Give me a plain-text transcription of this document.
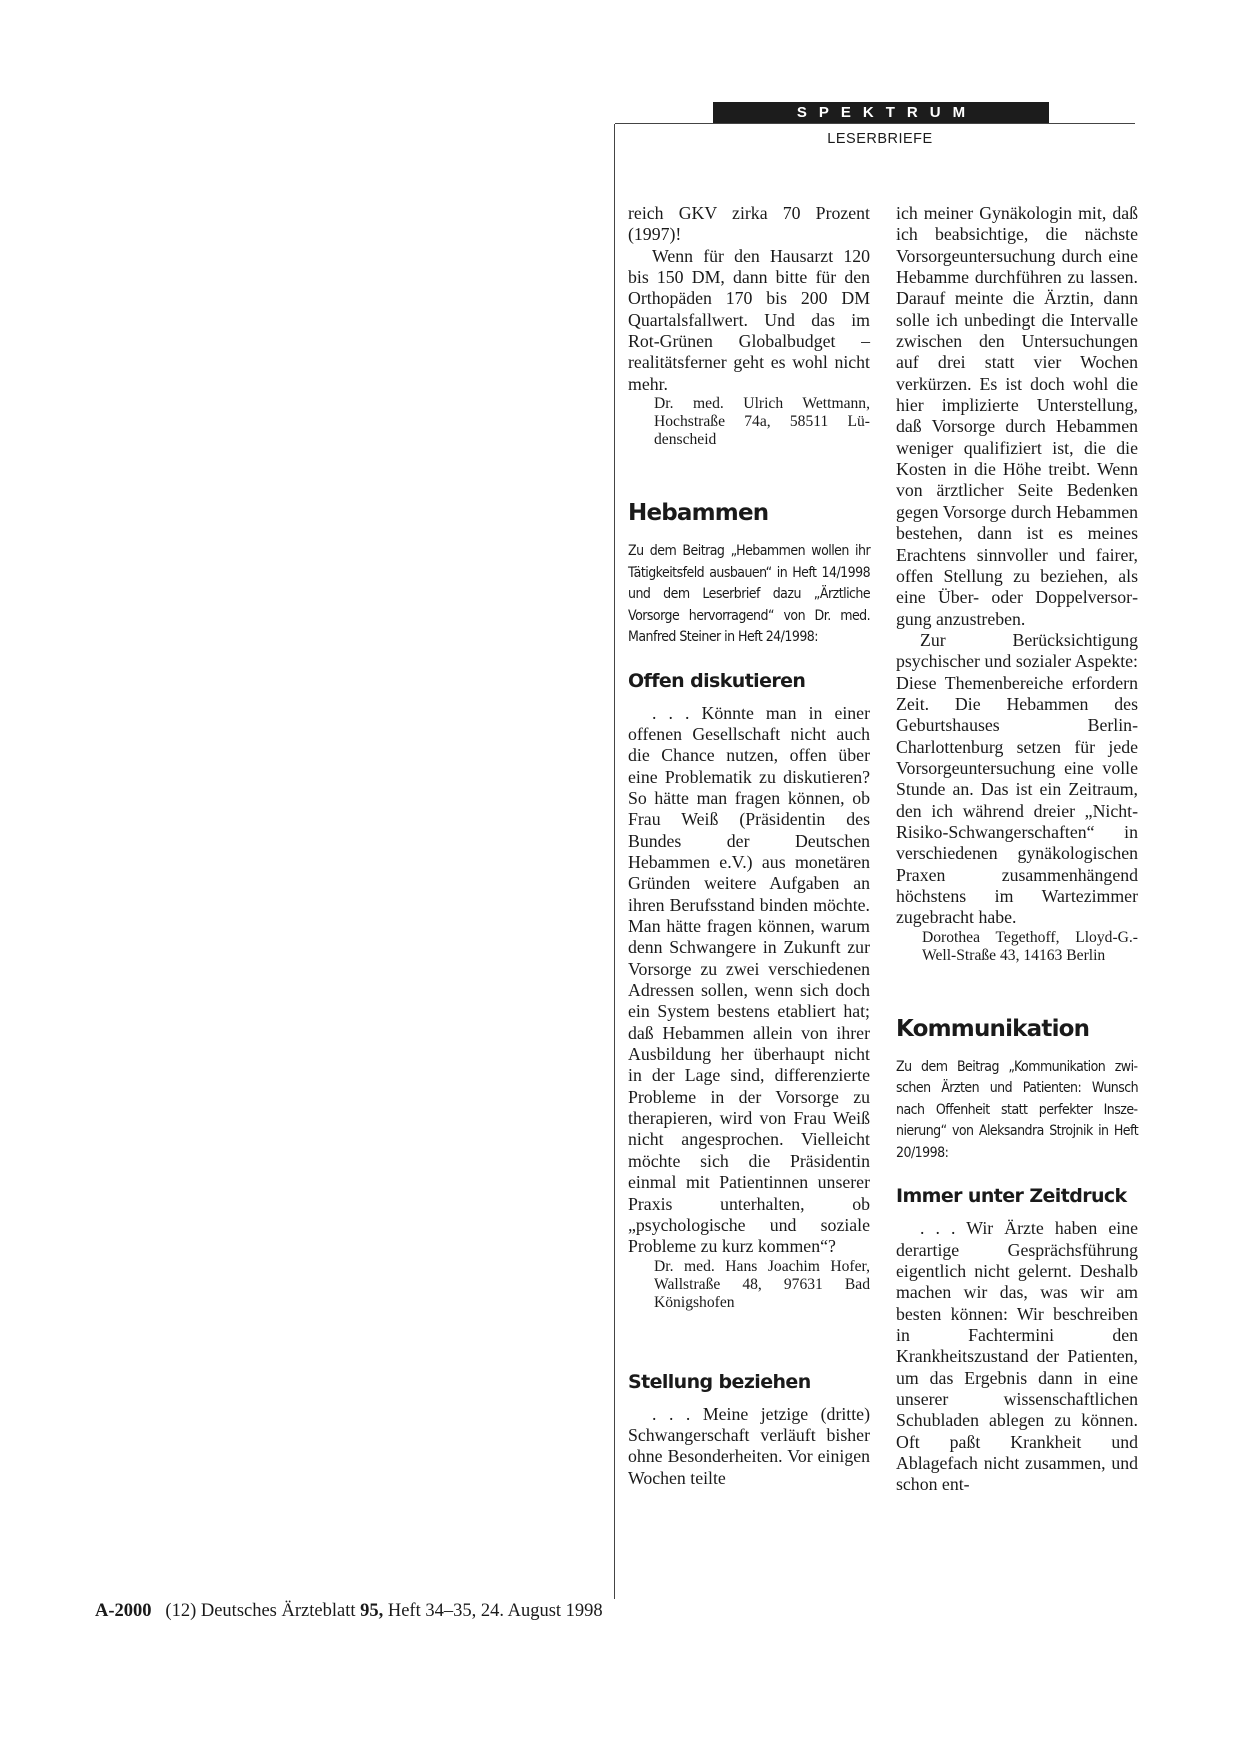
SPEKTRUM
LESERBRIEFE

reich GKV zirka 70 Prozent (1997)!

Wenn für den Hausarzt 120 bis 150 DM, dann bitte für den Orthopäden 170 bis 200 DM Quartalsfallwert. Und das im Rot-Grünen Globalbudget – realitätsferner geht es wohl nicht mehr.

Dr. med. Ulrich Wettmann, Hochstraße 74a, 58511 Lüdenscheid

Hebammen

Zu dem Beitrag „Hebammen wollen ihr Tätigkeitsfeld ausbauen“ in Heft 14/1998 und dem Leserbrief dazu „Ärztliche Vorsorge hervorragend“ von Dr. med. Manfred Steiner in Heft 24/1998:

Offen diskutieren

. . . Könnte man in einer offenen Gesellschaft nicht auch die Chance nutzen, offen über eine Problematik zu diskutieren? So hätte man fragen können, ob Frau Weiß (Präsidentin des Bundes der Deutschen Hebammen e.V.) aus monetären Gründen weitere Aufgaben an ihren Berufsstand binden möchte. Man hätte fragen können, warum denn Schwangere in Zukunft zur Vorsorge zu zwei verschiedenen Adressen sollen, wenn sich doch ein System bestens etabliert hat; daß Hebammen allein von ihrer Ausbildung her überhaupt nicht in der Lage sind, differenzierte Probleme in der Vorsorge zu therapieren, wird von Frau Weiß nicht angesprochen. Vielleicht möchte sich die Präsidentin einmal mit Patientinnen unserer Praxis unterhalten, ob „psychologische und soziale Probleme zu kurz kommen“?

Dr. med. Hans Joachim Hofer, Wallstraße 48, 97631 Bad Königshofen

Stellung beziehen

. . . Meine jetzige (dritte) Schwangerschaft verläuft bisher ohne Besonderheiten. Vor einigen Wochen teilte

ich meiner Gynäkologin mit, daß ich beabsichtige, die nächste Vorsorgeuntersuchung durch eine Hebamme durchführen zu lassen. Darauf meinte die Ärztin, dann solle ich unbedingt die Intervalle zwischen den Untersuchungen auf drei statt vier Wochen verkürzen. Es ist doch wohl die hier implizierte Unterstellung, daß Vorsorge durch Hebammen weniger qualifiziert ist, die die Kosten in die Höhe treibt. Wenn von ärztlicher Seite Bedenken gegen Vorsorge durch Hebammen bestehen, dann ist es meines Erachtens sinnvoller und fairer, offen Stellung zu beziehen, als eine Über- oder Doppelversorgung anzustreben.

Zur Berücksichtigung psychischer und sozialer Aspekte: Diese Themenbereiche erfordern Zeit. Die Hebammen des Geburtshauses Berlin-Charlottenburg setzen für jede Vorsorgeuntersuchung eine volle Stunde an. Das ist ein Zeitraum, den ich während dreier „Nicht-Risiko-Schwangerschaften“ in verschiedenen gynäkologischen Praxen zusammenhängend höchstens im Wartezimmer zugebracht habe.

Dorothea Tegethoff, Lloyd-G.-Well-Straße 43, 14163 Berlin

Kommunikation

Zu dem Beitrag „Kommunikation zwischen Ärzten und Patienten: Wunsch nach Offenheit statt perfekter Inszenierung“ von Aleksandra Strojnik in Heft 20/1998:

Immer unter Zeitdruck

. . . Wir Ärzte haben eine derartige Gesprächsführung eigentlich nicht gelernt. Deshalb machen wir das, was wir am besten können: Wir beschreiben in Fachtermini den Krankheitszustand der Patienten, um das Ergebnis dann in eine unserer wissenschaftlichen Schubladen ablegen zu können. Oft paßt Krankheit und Ablagefach nicht zusammen, und schon ent-

A-2000 (12) Deutsches Ärzteblatt 95, Heft 34–35, 24. August 1998
